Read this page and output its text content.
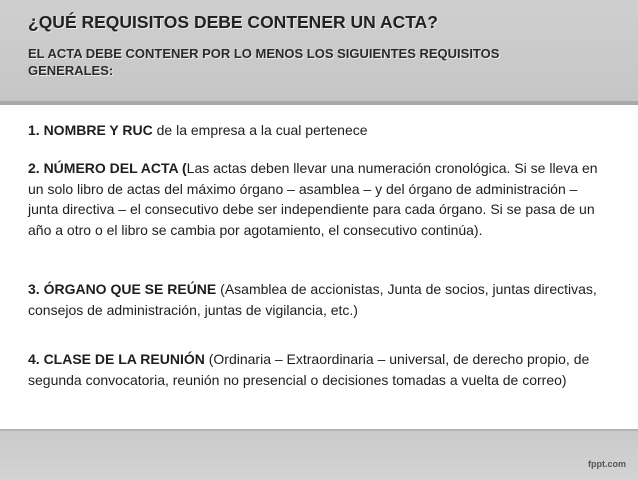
¿QUÉ REQUISITOS DEBE CONTENER UN ACTA?

EL ACTA DEBE CONTENER POR LO MENOS LOS SIGUIENTES REQUISITOS GENERALES:

1. NOMBRE Y RUC de la empresa a la cual pertenece

2. NÚMERO DEL ACTA (Las actas deben llevar una numeración cronológica. Si se lleva en un solo libro de actas del máximo órgano – asamblea – y del órgano de administración – junta directiva – el consecutivo debe ser independiente para cada órgano. Si se pasa de un año a otro o el libro se cambia por agotamiento, el consecutivo continúa).

3. ÓRGANO QUE SE REÚNE (Asamblea de accionistas, Junta de socios, juntas directivas, consejos de administración, juntas de vigilancia, etc.)

4. CLASE DE LA REUNIÓN (Ordinaria – Extraordinaria – universal, de derecho propio, de segunda convocatoria, reunión no presencial o decisiones tomadas a vuelta de correo)

fppt.com
